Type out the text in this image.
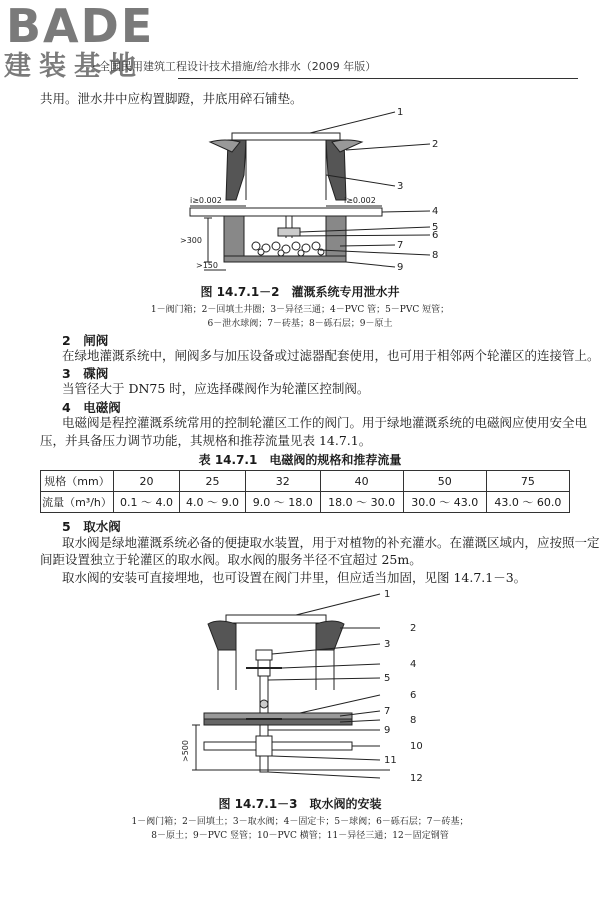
BADE
建装基地
· 全国民用建筑工程设计技术措施/给水排水（2009 年版）
共用。泄水井中应构置脚蹬，井底用碎石铺垫。
1
2
3
4
5
6
7
8
9
i≥0.002	i≥0.002
>300
>150
图 14.7.1－2　灌溉系统专用泄水井
1－阀门箱；2－回填土井圈；3－异径三通；4－PVC 管；5－PVC 短管；
6－泄水球阀；7－砖基；8－砾石层；9－原土
2　闸阀
在绿地灌溉系统中，闸阀多与加压设备或过滤器配套使用，也可用于相邻两个轮灌区的连接管上。
3　碟阀
当管径大于 DN75 时，应选择碟阀作为轮灌区控制阀。
4　电磁阀
电磁阀是程控灌溉系统常用的控制轮灌区工作的阀门。用于绿地灌溉系统的电磁阀应使用安全电
压，并具备压力调节功能，其规格和推荐流量见表 14.7.1。
表 14.7.1　电磁阀的规格和推荐流量
规格（mm）	20	25	32	40	50	75
流量（m³/h）	0.1 ～ 4.0	4.0 ～ 9.0	9.0 ～ 18.0	18.0 ～ 30.0	30.0 ～ 43.0	43.0 ～ 60.0
5　取水阀
取水阀是绿地灌溉系统必备的便捷取水装置，用于对植物的补充灌水。在灌溉区域内，应按照一定
间距设置独立于轮灌区的取水阀。取水阀的服务半径不宜超过 25m。
取水阀的安装可直接埋地，也可设置在阀门井里，但应适当加固，见图 14.7.1－3。
1
2
3
4
5
6
7
8
9
10
11
12
>500
图 14.7.1－3　取水阀的安装
1－阀门箱；2－回填土；3－取水阀；4－固定卡；5－球阀；6－砾石层；7－砖基；
8－原土；9－PVC 竖管；10－PVC 横管；11－异径三通；12－固定钢管
